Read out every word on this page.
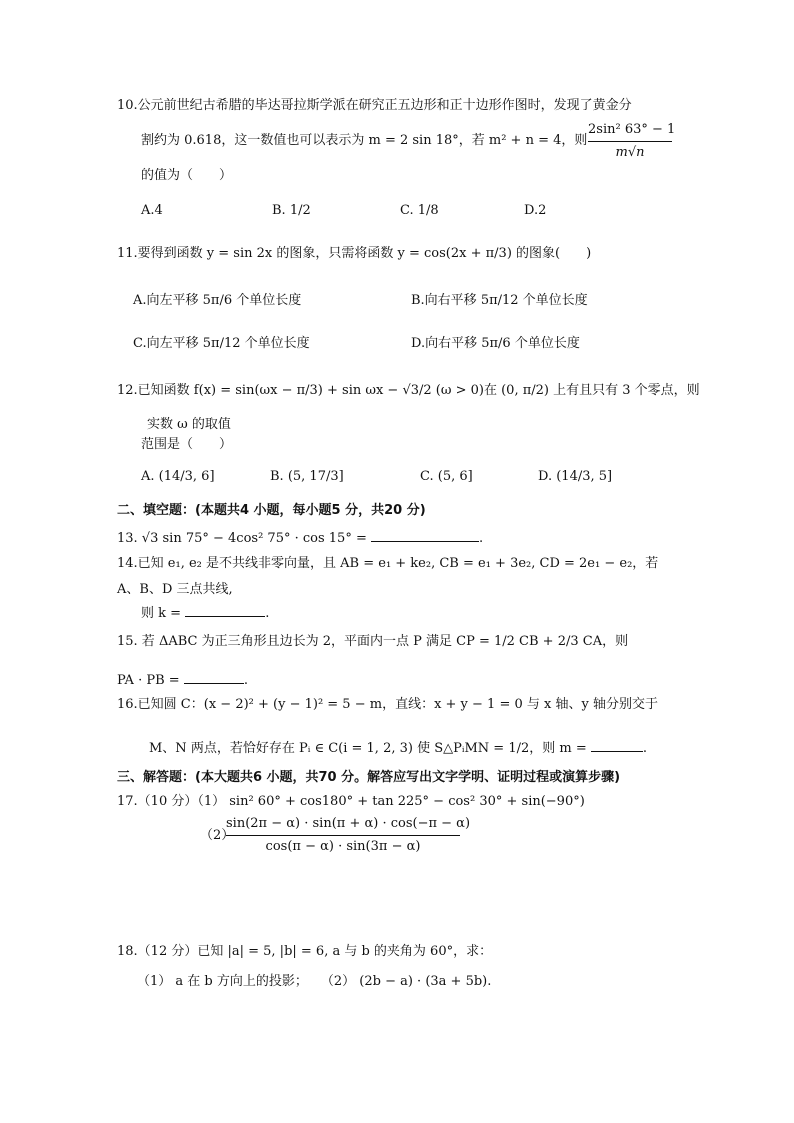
10.公元前世纪古希腊的毕达哥拉斯学派在研究正五边形和正十边形作图时，发现了黄金分
割约为 0.618，这一数值也可以表示为 m = 2 sin 18°，若 m² + n = 4，则 $\frac{\text{2sin² 63° − 1}}{m√n}$
的值为（　　）
A.4	B. 1/2	C. 1/8	D.2
11.要得到函数 y = sin 2x 的图象，只需将函数 y = cos(2x + π/3) 的图象(　　)
A.向左平移 5π/6 个单位长度	B.向右平移 5π/12 个单位长度
C.向左平移 5π/12 个单位长度	D.向右平移 5π/6 个单位长度
12.已知函数 f(x) = sin(ωx − π/3) + sin ωx − √3/2 (ω > 0)在 (0, π/2) 上有且只有 3 个零点，则
实数 ω 的取值
范围是（　　）
A. (14/3, 6]	B. (5, 17/3]	C. (5, 6]	D. (14/3, 5]
二、填空题：(本题共4 小题，每小题5 分，共20 分)
13. √3 sin 75° − 4cos² 75° · cos 15° =	.
14.已知 e₁, e₂ 是不共线非零向量，且 AB = e₁ + ke₂, CB = e₁ + 3e₂, CD = 2e₁ − e₂，若
A、B、D 三点共线,
则 k =	.
15. 若 ΔABC 为正三角形且边长为 2，平面内一点 P 满足 CP = 1/2 CB + 2/3 CA，则
PA · PB =	.
16.已知圆 C：(x − 2)² + (y − 1)² = 5 − m，直线：x + y − 1 = 0 与 x 轴、y 轴分别交于
M、N 两点，若恰好存在 Pᵢ ∈ C(i = 1, 2, 3) 使 S△PᵢMN = 1/2，则 m =	.
三、解答题：(本大题共6 小题，共70 分。解答应写出文字学明、证明过程或演算步骤)
17.（10 分）（1） sin² 60° + cos180° + tan 225° − cos² 30° + sin(−90°)
（2）
$\frac{\sin(2\pi - \alpha) \cdot \sin(\pi + \alpha) \cdot \cos(-\pi - \alpha)}{\cos(\pi - \alpha) \cdot \sin(3\pi - \alpha)}$
18.（12 分）已知 |a| = 5, |b| = 6, a 与 b 的夹角为 60°，求：
（1） a 在 b 方向上的投影；　　（2） (2b − a) · (3a + 5b).
